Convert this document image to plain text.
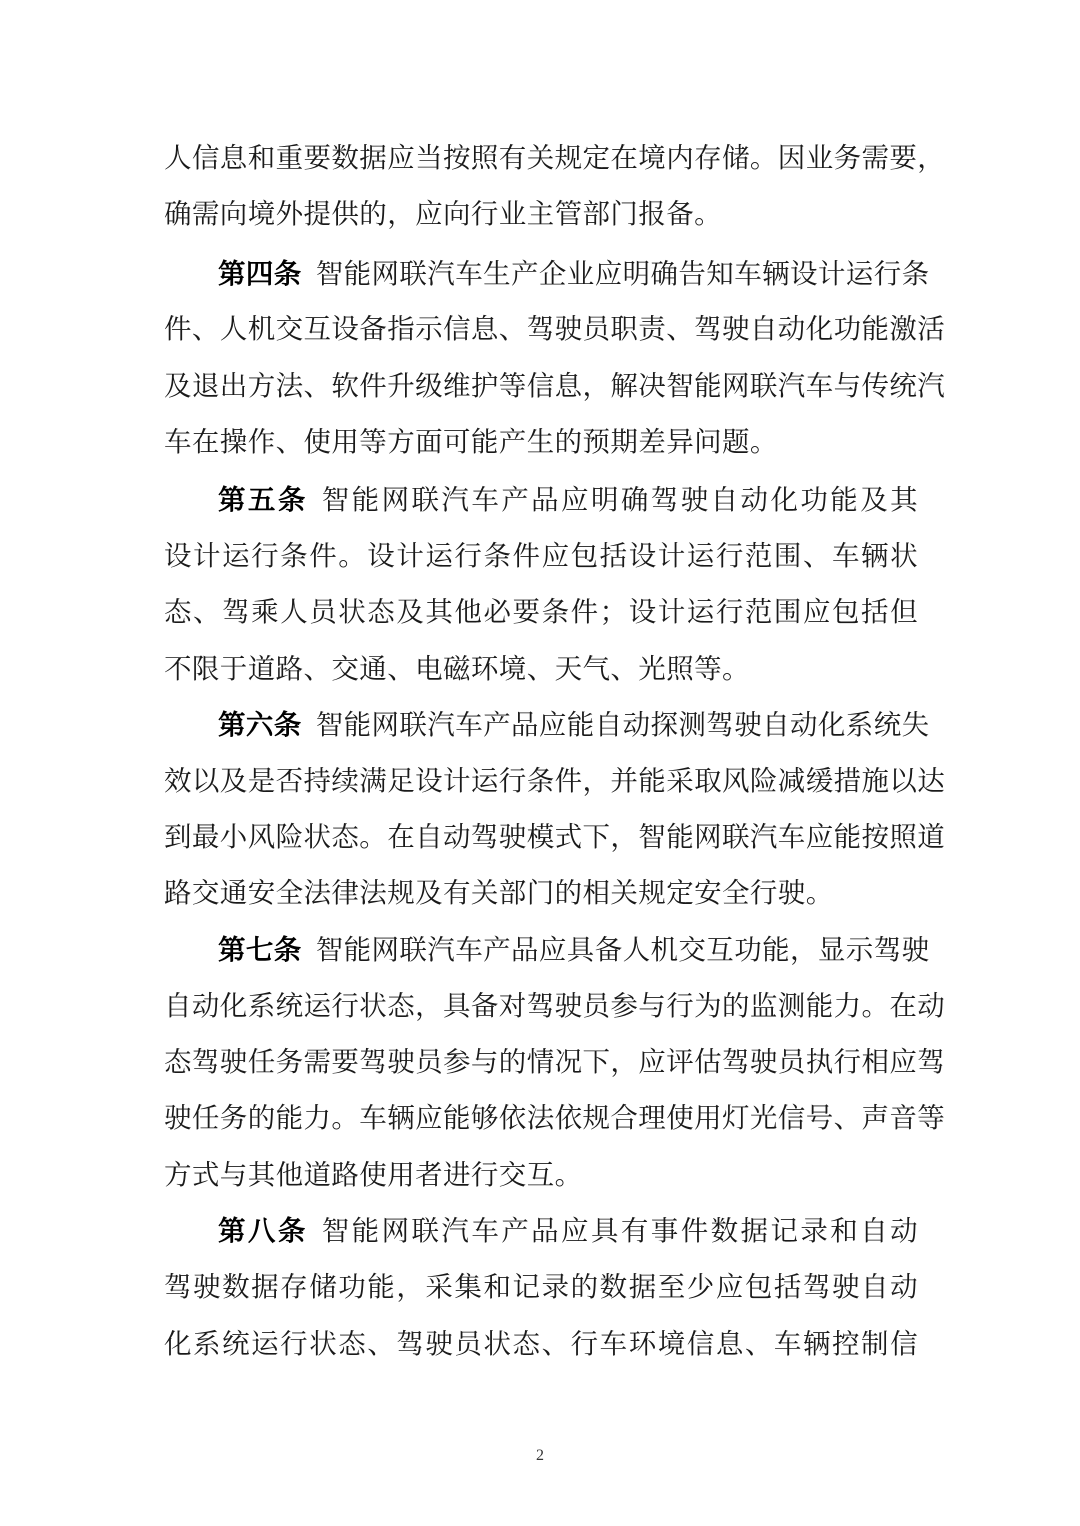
人信息和重要数据应当按照有关规定在境内存储。因业务需要，
确需向境外提供的，应向行业主管部门报备。
第四条 智能网联汽车生产企业应明确告知车辆设计运行条
件、人机交互设备指示信息、驾驶员职责、驾驶自动化功能激活
及退出方法、软件升级维护等信息，解决智能网联汽车与传统汽
车在操作、使用等方面可能产生的预期差异问题。
第五条 智能网联汽车产品应明确驾驶自动化功能及其
设计运行条件。设计运行条件应包括设计运行范围、车辆状
态、驾乘人员状态及其他必要条件；设计运行范围应包括但
不限于道路、交通、电磁环境、天气、光照等。
第六条 智能网联汽车产品应能自动探测驾驶自动化系统失
效以及是否持续满足设计运行条件，并能采取风险减缓措施以达
到最小风险状态。在自动驾驶模式下，智能网联汽车应能按照道
路交通安全法律法规及有关部门的相关规定安全行驶。
第七条 智能网联汽车产品应具备人机交互功能，显示驾驶
自动化系统运行状态，具备对驾驶员参与行为的监测能力。在动
态驾驶任务需要驾驶员参与的情况下，应评估驾驶员执行相应驾
驶任务的能力。车辆应能够依法依规合理使用灯光信号、声音等
方式与其他道路使用者进行交互。
第八条 智能网联汽车产品应具有事件数据记录和自动
驾驶数据存储功能，采集和记录的数据至少应包括驾驶自动
化系统运行状态、驾驶员状态、行车环境信息、车辆控制信
2
